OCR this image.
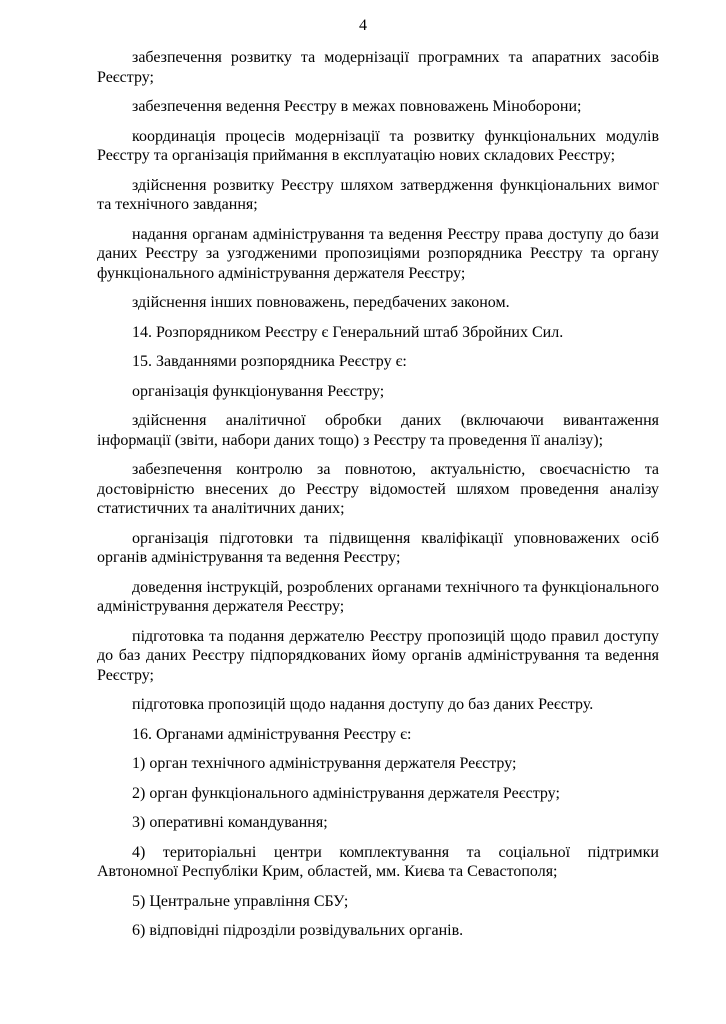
4

забезпечення розвитку та модернізації програмних та апаратних засобів Реєстру;

забезпечення ведення Реєстру в межах повноважень Міноборони;

координація процесів модернізації та розвитку функціональних модулів Реєстру та організація приймання в експлуатацію нових складових Реєстру;

здійснення розвитку Реєстру шляхом затвердження функціональних вимог та технічного завдання;

надання органам адміністрування та ведення Реєстру права доступу до бази даних Реєстру за узгодженими пропозиціями розпорядника Реєстру та органу функціонального адміністрування держателя Реєстру;

здійснення інших повноважень, передбачених законом.

14. Розпорядником Реєстру є Генеральний штаб Збройних Сил.

15. Завданнями розпорядника Реєстру є:

організація функціонування Реєстру;

здійснення аналітичної обробки даних (включаючи вивантаження інформації (звіти, набори даних тощо) з Реєстру та проведення її аналізу);

забезпечення контролю за повнотою, актуальністю, своєчасністю та достовірністю внесених до Реєстру відомостей шляхом проведення аналізу статистичних та аналітичних даних;

організація підготовки та підвищення кваліфікації уповноважених осіб органів адміністрування та ведення Реєстру;

доведення інструкцій, розроблених органами технічного та функціонального адміністрування держателя Реєстру;

підготовка та подання держателю Реєстру пропозицій щодо правил доступу до баз даних Реєстру підпорядкованих йому органів адміністрування та ведення Реєстру;

підготовка пропозицій щодо надання доступу до баз даних Реєстру.

16. Органами адміністрування Реєстру є:

1) орган технічного адміністрування держателя Реєстру;

2) орган функціонального адміністрування держателя Реєстру;

3) оперативні командування;

4) територіальні центри комплектування та соціальної підтримки Автономної Республіки Крим, областей, мм. Києва та Севастополя;

5) Центральне управління СБУ;

6) відповідні підрозділи розвідувальних органів.
